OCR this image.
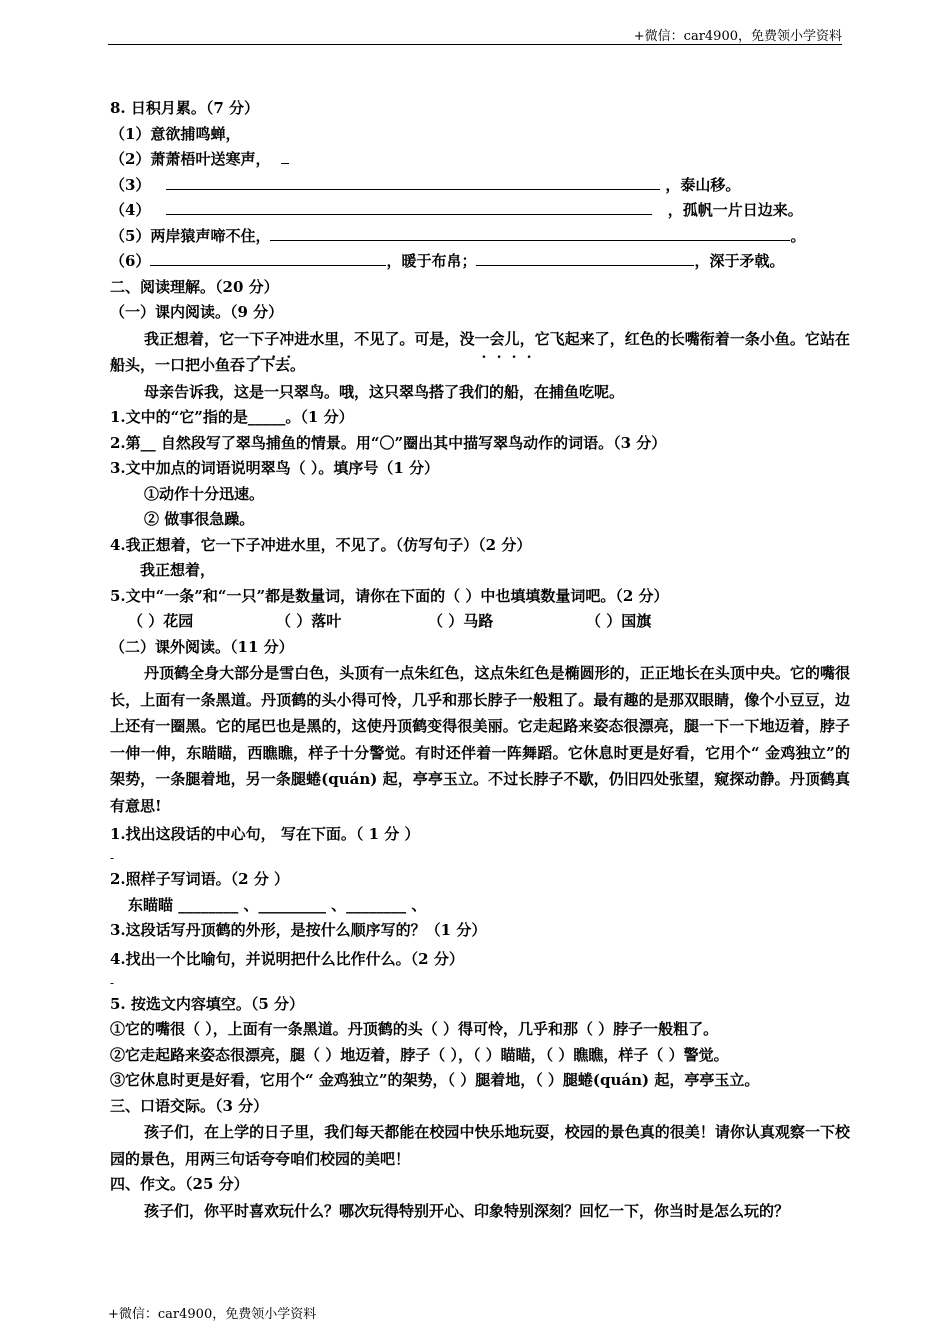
+微信：car4900，免费领小学资料
8. 日积月累。（7 分）
（1）意欲捕鸣蝉，
（2）萧萧梧叶送寒声，
（3）	，泰山移。
（4）	，孤帆一片日边来。
（5）两岸猿声啼不住，	。
（6）	，暖于布帛；	，深于矛戟。
二、阅读理解。（20 分）
（一）课内阅读。（9 分）
我正想着，它一下子冲进水里，不见了。可是，没一会儿，它飞起来了，红色的长嘴衔着一条小鱼。它站在船头，一口把小鱼吞了下去。
母亲告诉我，这是一只翠鸟。哦，这只翠鸟搭了我们的船，在捕鱼吃呢。
1.文中的“它”指的是_____。（1 分）
2.第__ 自然段写了翠鸟捕鱼的情景。用“〇”圈出其中描写翠鸟动作的词语。（3 分）
3.文中加点的词语说明翠鸟（ ）。填序号（1 分）
①动作十分迅速。
② 做事很急躁。
4.我正想着，它一下子冲进水里，不见了。（仿写句子）（2 分）
我正想着，
5.文中“一条”和“一只”都是数量词，请你在下面的（ ）中也填填数量词吧。（2 分）
（ ）花园	（ ）落叶	（ ）马路	（ ）国旗
（二）课外阅读。（11 分）
丹顶鹤全身大部分是雪白色，头顶有一点朱红色，这点朱红色是椭圆形的，正正地长在头顶中央。它的嘴很长，上面有一条黑道。丹顶鹤的头小得可怜，几乎和那长脖子一般粗了。最有趣的是那双眼睛，像个小豆豆，边上还有一圈黑。它的尾巴也是黑的，这使丹顶鹤变得很美丽。它走起路来姿态很漂亮，腿一下一下地迈着，脖子一伸一伸，东瞄瞄，西瞧瞧，样子十分警觉。有时还伴着一阵舞蹈。它休息时更是好看，它用个“ 金鸡独立”的架势，一条腿着地，另一条腿蜷(quán) 起，亭亭玉立。不过长脖子不歇，仍旧四处张望，窥探动静。丹顶鹤真有意思!
1.找出这段话的中心句， 写在下面。（ 1 分 ）
-
2.照样子写词语。（2 分 ）
东瞄瞄 ________ 、_________ 、________ 、
3.这段话写丹顶鹤的外形，是按什么顺序写的？（1 分）
4.找出一个比喻句，并说明把什么比作什么。（2 分）
-
5. 按选文内容填空。（5 分）
①它的嘴很（ ），上面有一条黑道。丹顶鹤的头（ ）得可怜，几乎和那（ ）脖子一般粗了。
②它走起路来姿态很漂亮，腿（ ）地迈着，脖子（ ），（ ）瞄瞄，（ ）瞧瞧，样子（ ）警觉。
③它休息时更是好看，它用个“ 金鸡独立”的架势，（ ）腿着地，（ ）腿蜷(quán) 起，亭亭玉立。
三、口语交际。（3 分）
孩子们，在上学的日子里，我们每天都能在校园中快乐地玩耍，校园的景色真的很美！请你认真观察一下校园的景色，用两三句话夸夸咱们校园的美吧！
四、作文。（25 分）
孩子们，你平时喜欢玩什么？哪次玩得特别开心、印象特别深刻？回忆一下，你当时是怎么玩的？
+微信：car4900，免费领小学资料
